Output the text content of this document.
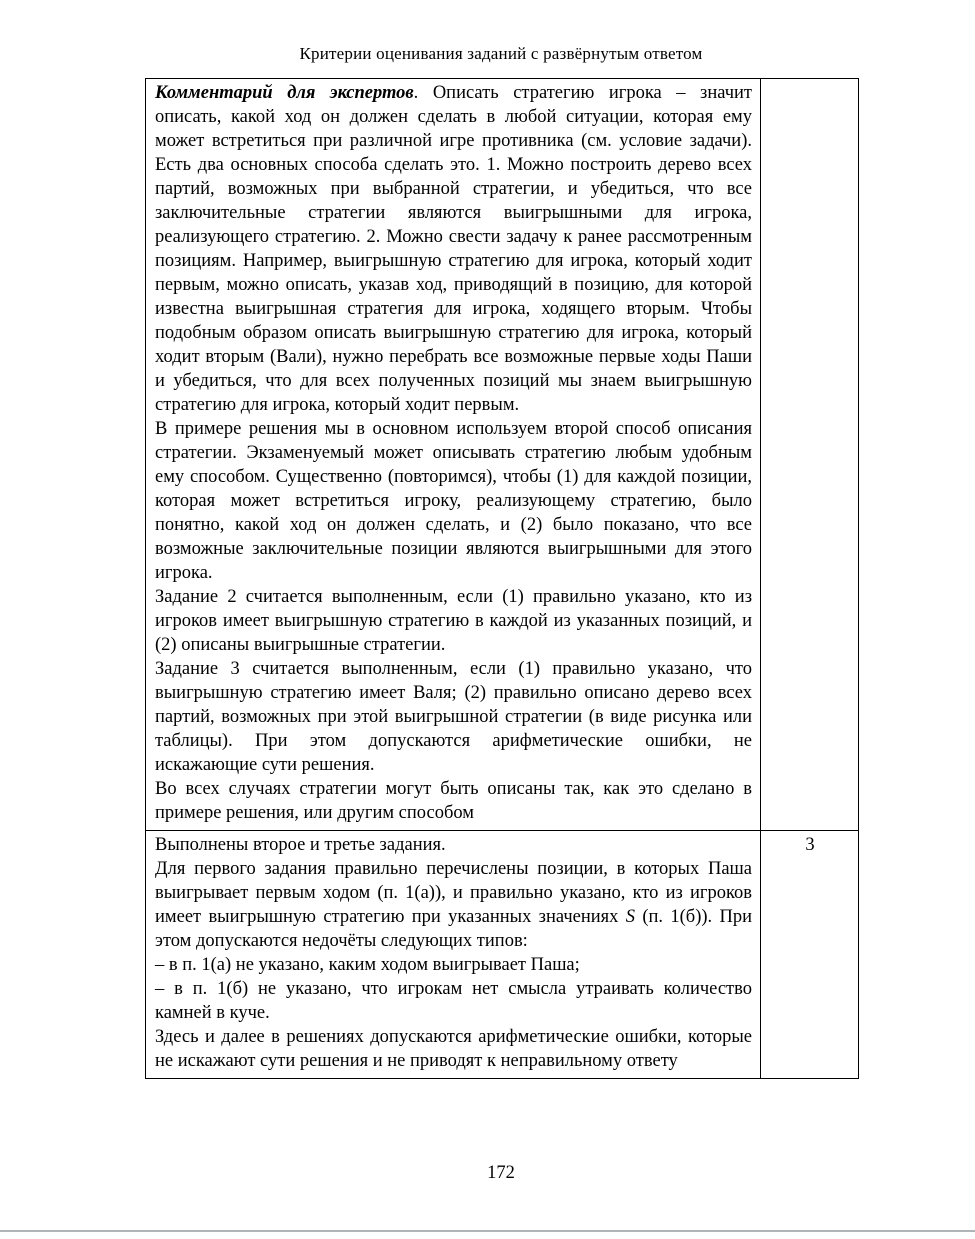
Критерии оценивания заданий с развёрнутым ответом

Комментарий для экспертов. Описать стратегию игрока – значит описать, какой ход он должен сделать в любой ситуации, которая ему может встретиться при различной игре противника (см. условие задачи). Есть два основных способа сделать это. 1. Можно построить дерево всех партий, возможных при выбранной стратегии, и убедиться, что все заключительные стратегии являются выигрышными для игрока, реализующего стратегию. 2. Можно свести задачу к ранее рассмотренным позициям. Например, выигрышную стратегию для игрока, который ходит первым, можно описать, указав ход, приводящий в позицию, для которой известна выигрышная стратегия для игрока, ходящего вторым. Чтобы подобным образом описать выигрышную стратегию для игрока, который ходит вторым (Вали), нужно перебрать все возможные первые ходы Паши и убедиться, что для всех полученных позиций мы знаем выигрышную стратегию для игрока, который ходит первым.

В примере решения мы в основном используем второй способ описания стратегии. Экзаменуемый может описывать стратегию любым удобным ему способом. Существенно (повторимся), чтобы (1) для каждой позиции, которая может встретиться игроку, реализующему стратегию, было понятно, какой ход он должен сделать, и (2) было показано, что все возможные заключительные позиции являются выигрышными для этого игрока.

Задание 2 считается выполненным, если (1) правильно указано, кто из игроков имеет выигрышную стратегию в каждой из указанных позиций, и (2) описаны выигрышные стратегии.

Задание 3 считается выполненным, если (1) правильно указано, что выигрышную стратегию имеет Валя; (2) правильно описано дерево всех партий, возможных при этой выигрышной стратегии (в виде рисунка или таблицы). При этом допускаются арифметические ошибки, не искажающие сути решения.

Во всех случаях стратегии могут быть описаны так, как это сделано в примере решения, или другим способом	

Выполнены второе и третье задания.

Для первого задания правильно перечислены позиции, в которых Паша выигрывает первым ходом (п. 1(а)), и правильно указано, кто из игроков имеет выигрышную стратегию при указанных значениях S (п. 1(б)). При этом допускаются недочёты следующих типов:

– в п. 1(а) не указано, каким ходом выигрывает Паша;

– в п. 1(б) не указано, что игрокам нет смысла утраивать количество камней в куче.

Здесь и далее в решениях допускаются арифметические ошибки, которые не искажают сути решения и не приводят к неправильному ответу	3
172
